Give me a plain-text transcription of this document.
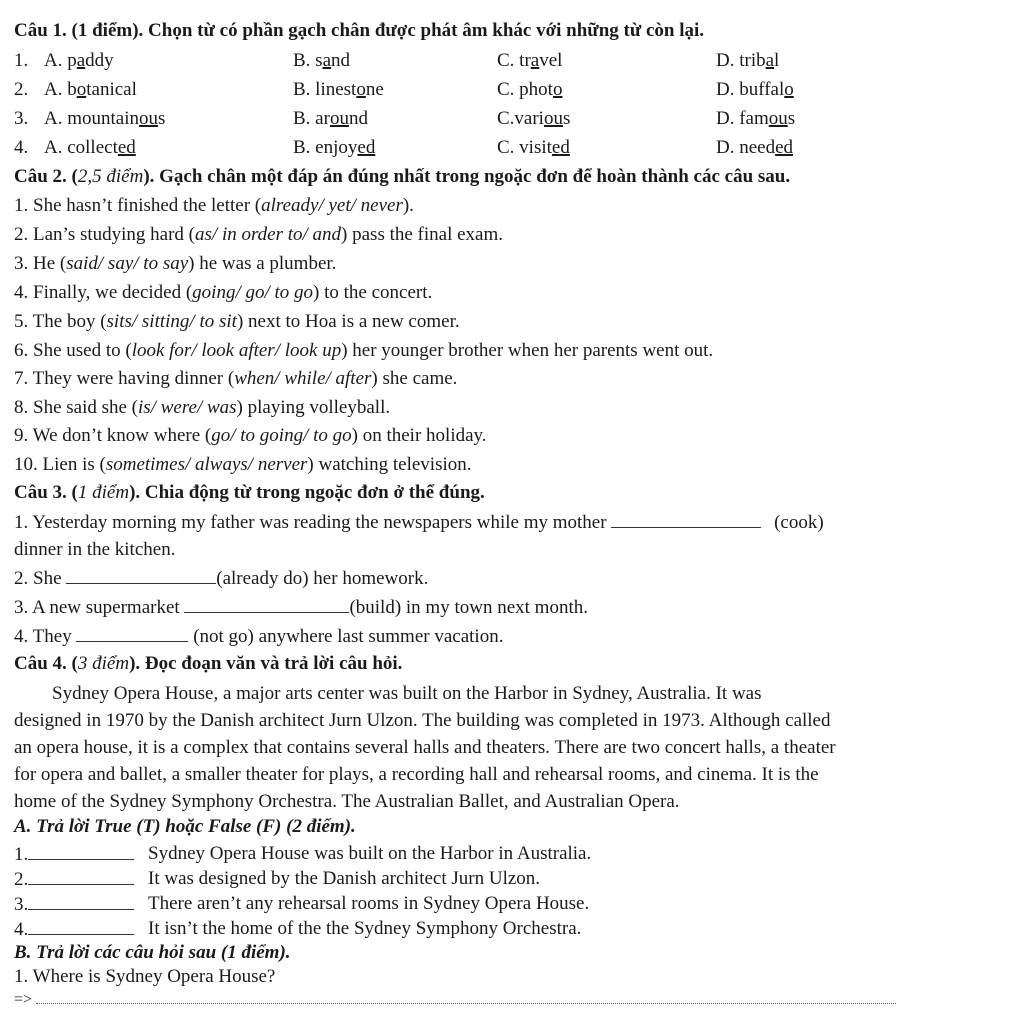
Câu 1. (1 điểm). Chọn từ có phần gạch chân được phát âm khác với những từ còn lại.
1. A. paddy	B. sand	C. travel	D. tribal
2. A. botanical	B. linestone	C. photo	D. buffalo
3. A. mountainous	B. around	C.various	D. famous
4. A. collected	B. enjoyed	C. visited	D. needed
Câu 2. (2,5 điểm). Gạch chân một đáp án đúng nhất trong ngoặc đơn để hoàn thành các câu sau.
1. She hasn’t finished the letter (already/ yet/ never).
2. Lan’s studying hard (as/ in order to/ and) pass the final exam.
3. He (said/ say/ to say) he was a plumber.
4. Finally, we decided (going/ go/ to go) to the concert.
5. The boy (sits/ sitting/ to sit) next to Hoa is a new comer.
6. She used to (look for/ look after/ look up) her younger brother when her parents went out.
7. They were having dinner (when/ while/ after) she came.
8. She said she (is/ were/ was) playing volleyball.
9. We don’t know where (go/ to going/ to go) on their holiday.
10. Lien is (sometimes/ always/ nerver) watching television.
Câu 3. (1 điểm). Chia động từ trong ngoặc đơn ở thể đúng.
1. Yesterday morning my father was reading the newspapers while my mother	(cook)
dinner in the kitchen.
2. She	(already do) her homework.
3. A new supermarket	(build) in my town next month.
4. They	(not go) anywhere last summer vacation.
Câu 4. (3 điểm). Đọc đoạn văn và trả lời câu hỏi.
Sydney Opera House, a major arts center was built on the Harbor in Sydney, Australia. It was
designed in 1970 by the Danish architect Jurn Ulzon. The building was completed in 1973. Although called
an opera house, it is a complex that contains several halls and theaters. There are two concert halls, a theater
for opera and ballet, a smaller theater for plays, a recording hall and rehearsal rooms, and cinema. It is the
home of the Sydney Symphony Orchestra. The Australian Ballet, and Australian Opera.
A. Trả lời True (T) hoặc False (F) (2 điểm).
1.	Sydney Opera House was built on the Harbor in Australia.
2.	It was designed by the Danish architect Jurn Ulzon.
3.	There aren’t any rehearsal rooms in Sydney Opera House.
4.	It isn’t the home of the the Sydney Symphony Orchestra.
B. Trả lời các câu hỏi sau (1 điểm).
1. Where is Sydney Opera House?
=>
